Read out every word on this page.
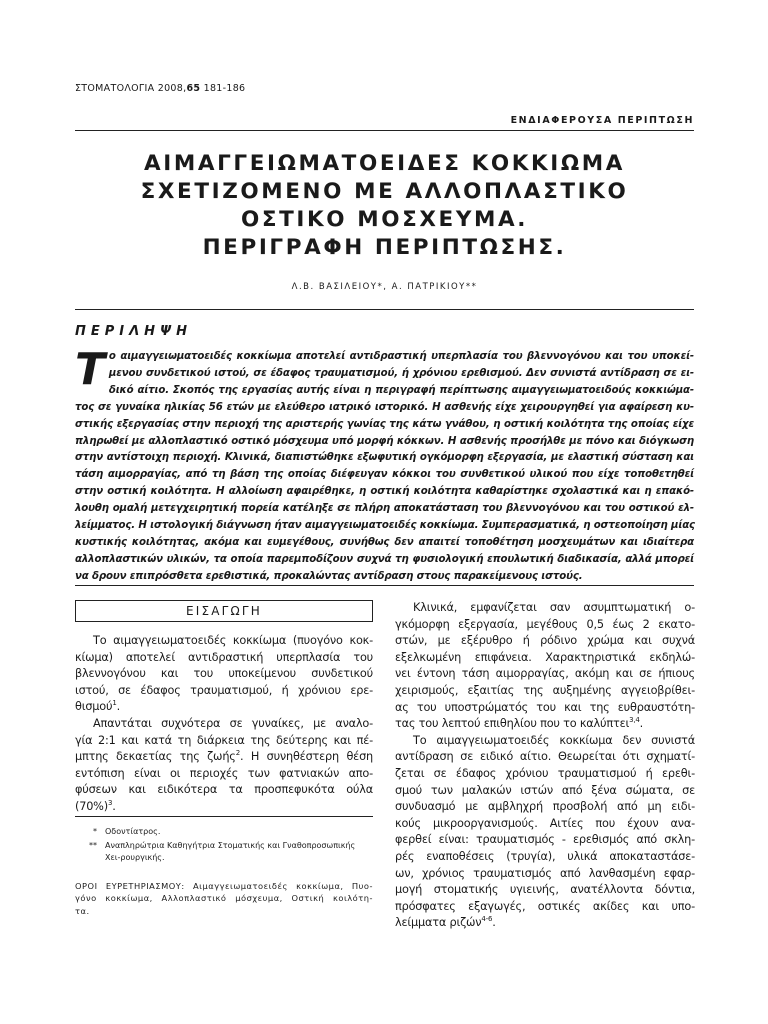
ΣΤΟΜΑΤΟΛΟΓΙΑ 2008,65 181-186
ΕΝΔΙΑΦΕΡΟΥΣΑ ΠΕΡΙΠΤΩΣΗ
ΑΙΜΑΓΓΕΙΩΜΑΤΟΕΙΔΕΣ ΚΟΚΚΙΩΜΑ
ΣΧΕΤΙΖΟΜΕΝΟ ΜΕ ΑΛΛΟΠΛΑΣΤΙΚΟ
ΟΣΤΙΚΟ ΜΟΣΧΕΥΜΑ.
ΠΕΡΙΓΡΑΦΗ ΠΕΡΙΠΤΩΣΗΣ.
Λ.Β. ΒΑΣΙΛΕΙΟΥ*, Α. ΠΑΤΡΙΚΙΟΥ**
ΠΕΡΙΛΗΨΗ
Τ ο αιμαγγειωματοειδές κοκκίωμα αποτελεί αντιδραστική υπερπλασία του βλεννογόνου και του υποκεί-
μενου συνδετικού ιστού, σε έδαφος τραυματισμού, ή χρόνιου ερεθισμού. Δεν συνιστά αντίδραση σε ει-
δικό αίτιο. Σκοπός της εργασίας αυτής είναι η περιγραφή περίπτωσης αιμαγγειωματοειδούς κοκκιώμα-
τος σε γυναίκα ηλικίας 56 ετών με ελεύθερο ιατρικό ιστορικό. Η ασθενής είχε χειρουργηθεί για αφαίρεση κυ-
στικής εξεργασίας στην περιοχή της αριστερής γωνίας της κάτω γνάθου, η οστική κοιλότητα της οποίας είχε
πληρωθεί με αλλοπλαστικό οστικό μόσχευμα υπό μορφή κόκκων. Η ασθενής προσήλθε με πόνο και διόγκωση
στην αντίστοιχη περιοχή. Κλινικά, διαπιστώθηκε εξωφυτική ογκόμορφη εξεργασία, με ελαστική σύσταση και
τάση αιμορραγίας, από τη βάση της οποίας διέφευγαν κόκκοι του συνθετικού υλικού που είχε τοποθετηθεί
στην οστική κοιλότητα. Η αλλοίωση αφαιρέθηκε, η οστική κοιλότητα καθαρίστηκε σχολαστικά και η επακό-
λουθη ομαλή μετεγχειρητική πορεία κατέληξε σε πλήρη αποκατάσταση του βλεννογόνου και του οστικού ελ-
λείμματος. Η ιστολογική διάγνωση ήταν αιμαγγειωματοειδές κοκκίωμα. Συμπερασματικά, η οστεοποίηση μίας
κυστικής κοιλότητας, ακόμα και ευμεγέθους, συνήθως δεν απαιτεί τοποθέτηση μοσχευμάτων και ιδιαίτερα
αλλοπλαστικών υλικών, τα οποία παρεμποδίζουν συχνά τη φυσιολογική επουλωτική διαδικασία, αλλά μπορεί
να δρουν επιπρόσθετα ερεθιστικά, προκαλώντας αντίδραση στους παρακείμενους ιστούς.
ΕΙΣΑΓΩΓΗ
Το αιμαγγειωματοειδές κοκκίωμα (πυογόνο κοκ-
κίωμα) αποτελεί αντιδραστική υπερπλασία του
βλεννογόνου και του υποκείμενου συνδετικού
ιστού, σε έδαφος τραυματισμού, ή χρόνιου ερε-
θισμού$^1$.
Απαντάται συχνότερα σε γυναίκες, με αναλο-
γία 2:1 και κατά τη διάρκεια της δεύτερης και πέ-
μπτης δεκαετίας της ζωής$^2$. Η συνηθέστερη θέση
εντόπιση είναι οι περιοχές των φατνιακών απο-
φύσεων και ειδικότερα τα προσπεφυκότα ούλα
$(70\%)^3$.
*	Οδοντίατρος.
**	Αναπληρώτρια Καθηγήτρια Στοματικής και Γναθοπροσωπικής Χει-ρουργικής.
ΟΡΟΙ ΕΥΡΕΤΗΡΙΑΣΜΟΥ: Αιμαγγειωματοειδές κοκκίωμα, Πυο-
γόνο κοκκίωμα, Αλλοπλαστικό μόσχευμα, Οστική κοιλότη-
τα.
Κλινικά, εμφανίζεται σαν ασυμπτωματική ο-
γκόμορφη εξεργασία, μεγέθους 0,5 έως 2 εκατο-
στών, με εξέρυθρο ή ρόδινο χρώμα και συχνά
εξελκωμένη επιφάνεια. Χαρακτηριστικά εκδηλώ-
νει έντονη τάση αιμορραγίας, ακόμη και σε ήπιους
χειρισμούς, εξαιτίας της αυξημένης αγγειοβρίθει-
ας του υποστρώματός του και της ευθραυστότη-
τας του λεπτού επιθηλίου που το καλύπτει$^{3,4}$.
Το αιμαγγειωματοειδές κοκκίωμα δεν συνιστά
αντίδραση σε ειδικό αίτιο. Θεωρείται ότι σχηματί-
ζεται σε έδαφος χρόνιου τραυματισμού ή ερεθι-
σμού των μαλακών ιστών από ξένα σώματα, σε
συνδυασμό με αμβληχρή προσβολή από μη ειδι-
κούς μικροοργανισμούς. Αιτίες που έχουν ανα-
φερθεί είναι: τραυματισμός - ερεθισμός από σκλη-
ρές εναποθέσεις (τρυγία), υλικά αποκαταστάσε-
ων, χρόνιος τραυματισμός από λανθασμένη εφαρ-
μογή στοματικής υγιεινής, ανατέλλοντα δόντια,
πρόσφατες εξαγωγές, οστικές ακίδες και υπο-
λείμματα ριζών$^{4-6}$.
